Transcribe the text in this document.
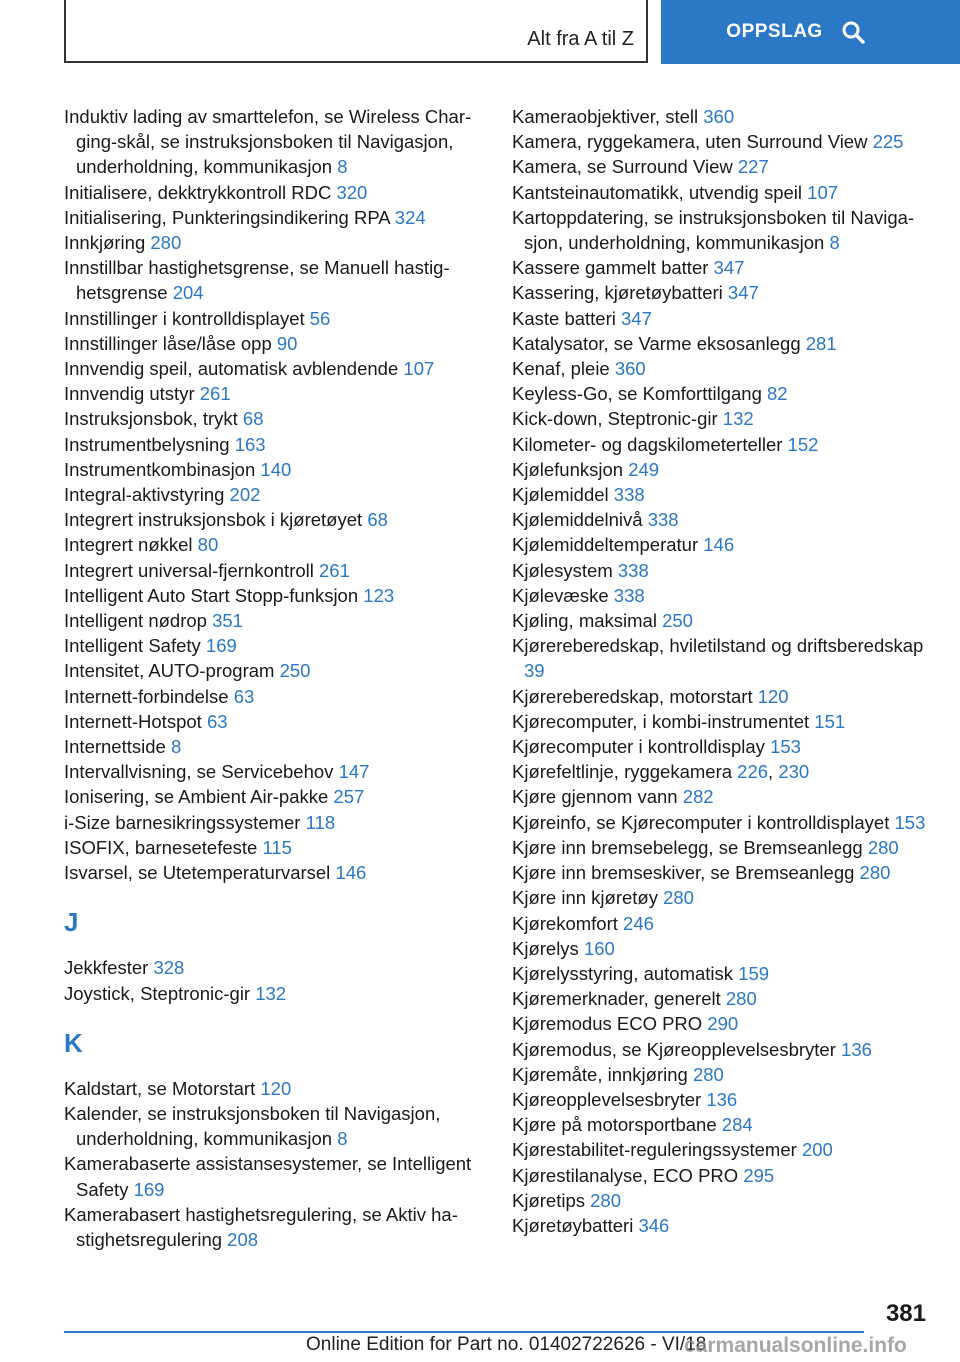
Alt fra A til Z	OPPSLAG
Induktiv lading av smarttelefon, se Wireless Charging-skål, se instruksjonsboken til Navigasjon, underholdning, kommunikasjon 8
Initialisere, dekktrykkontroll RDC 320
Initialisering, Punkteringsindikering RPA 324
Innkjøring 280
Innstillbar hastighetsgrense, se Manuell hastighetsgrense 204
Innstillinger i kontrolldisplayet 56
Innstillinger låse/låse opp 90
Innvendig speil, automatisk avblendende 107
Innvendig utstyr 261
Instruksjonsbok, trykt 68
Instrumentbelysning 163
Instrumentkombinasjon 140
Integral-aktivstyring 202
Integrert instruksjonsbok i kjøretøyet 68
Integrert nøkkel 80
Integrert universal-fjernkontroll 261
Intelligent Auto Start Stopp-funksjon 123
Intelligent nødrop 351
Intelligent Safety 169
Intensitet, AUTO-program 250
Internett-forbindelse 63
Internett-Hotspot 63
Internettside 8
Intervallvisning, se Servicebehov 147
Ionisering, se Ambient Air-pakke 257
i-Size barnesikringssystemer 118
ISOFIX, barnesetefeste 115
Isvarsel, se Utetemperaturvarsel 146
J
Jekkfester 328
Joystick, Steptronic-gir 132
K
Kaldstart, se Motorstart 120
Kalender, se instruksjonsboken til Navigasjon, underholdning, kommunikasjon 8
Kamerabaserte assistansesystemer, se Intelligent Safety 169
Kamerabasert hastighetsregulering, se Aktiv hastighetsregulering 208
Kameraobjektiver, stell 360
Kamera, ryggekamera, uten Surround View 225
Kamera, se Surround View 227
Kantsteinautomatikk, utvendig speil 107
Kartoppdatering, se instruksjonsboken til Navigasjon, underholdning, kommunikasjon 8
Kassere gammelt batter 347
Kassering, kjøretøybatteri 347
Kaste batteri 347
Katalysator, se Varme eksosanlegg 281
Kenaf, pleie 360
Keyless-Go, se Komforttilgang 82
Kick-down, Steptronic-gir 132
Kilometer- og dagskilometerteller 152
Kjølefunksjon 249
Kjølemiddel 338
Kjølemiddelnivå 338
Kjølemiddeltemperatur 146
Kjølesystem 338
Kjølevæske 338
Kjøling, maksimal 250
Kjørereberedskap, hviletilstand og driftsberedskap 39
Kjørereberedskap, motorstart 120
Kjørecomputer, i kombi-instrumentet 151
Kjørecomputer i kontrolldisplay 153
Kjørefeltlinje, ryggekamera 226, 230
Kjøre gjennom vann 282
Kjøreinfo, se Kjørecomputer i kontrolldisplayet 153
Kjøre inn bremsebelegg, se Bremseanlegg 280
Kjøre inn bremseskiver, se Bremseanlegg 280
Kjøre inn kjøretøy 280
Kjørekomfort 246
Kjørelys 160
Kjørelysstyring, automatisk 159
Kjøremerknader, generelt 280
Kjøremodus ECO PRO 290
Kjøremodus, se Kjøreopplevelsesbryter 136
Kjøremåte, innkjøring 280
Kjøreopplevelsesbryter 136
Kjøre på motorsportbane 284
Kjørestabilitet-reguleringssystemer 200
Kjørestilanalyse, ECO PRO 295
Kjøretips 280
Kjøretøybatteri 346
381
Online Edition for Part no. 01402722626 - VI/18
carmanualsonline.info
